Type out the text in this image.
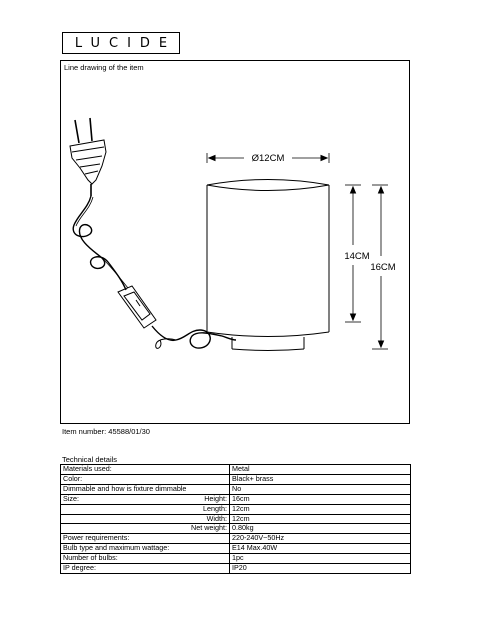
LUCIDE
Line drawing of the item
Ø12CM
14CM
16CM
Item number: 45588/01/30
Technical details
Materials used:		Metal
Color:		Black+ brass
Dimmable and how is fixture dimmable		No
Size:	Height:	16cm
	Length:	12cm
	Width:	12cm
	Net weight:	0.80kg
Power requirements:		220-240V~50Hz
Bulb type and maximum wattage:		E14 Max.40W
Number of bulbs:		1pc
IP degree:		IP20
